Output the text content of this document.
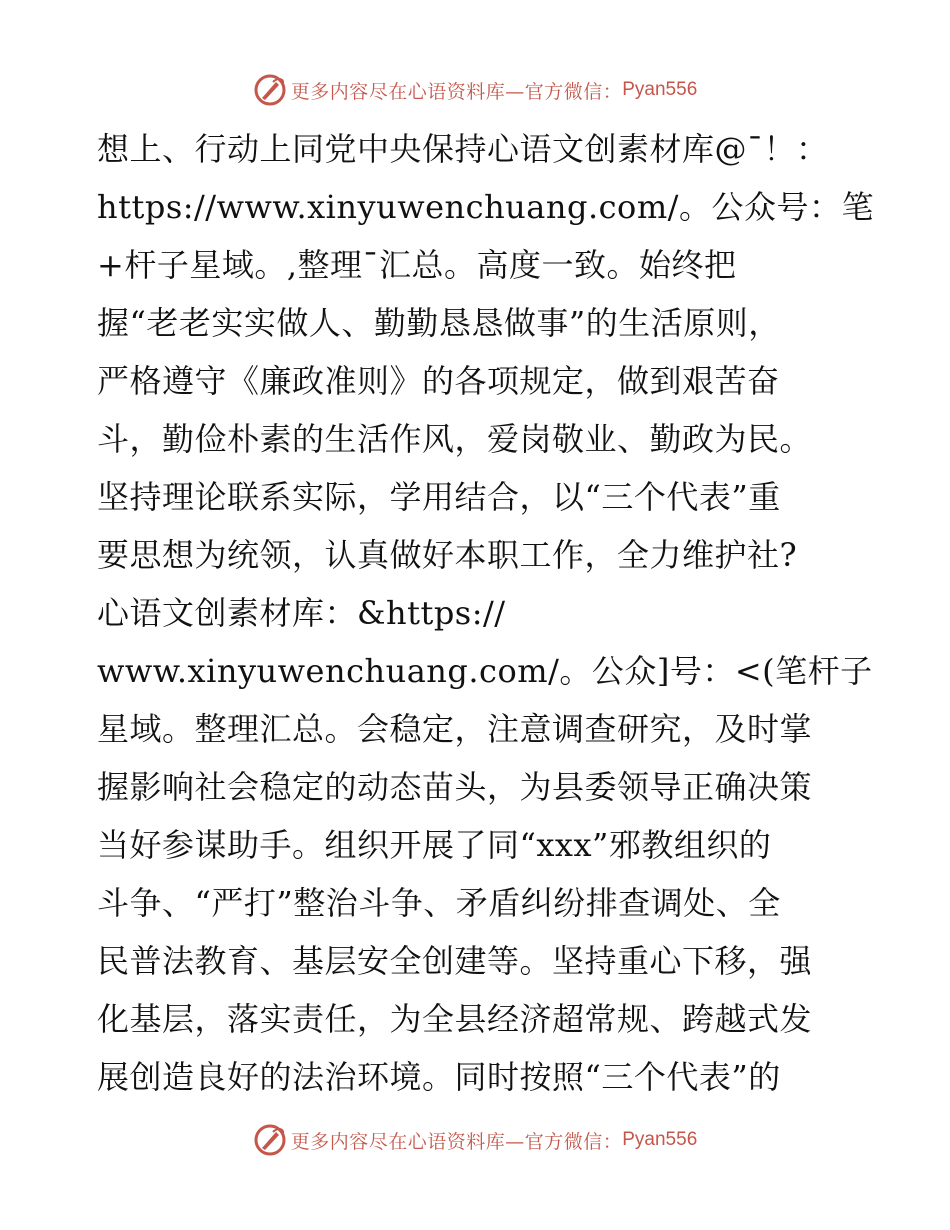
更多内容尽在心语资料库—官方微信： Pyan556
想上、行动上同党中央保持心语文创素材库@¯！：
https://www.xinyuwenchuang.com/。公众号：笔
+杆子星域。,整理¯汇总。高度一致。始终把
握“老老实实做人、勤勤恳恳做事”的生活原则，
严格遵守《廉政准则》的各项规定，做到艰苦奋
斗，勤俭朴素的生活作风，爱岗敬业、勤政为民。
坚持理论联系实际，学用结合，以“三个代表”重
要思想为统领，认真做好本职工作，全力维护社?
心语文创素材库：&https://
www.xinyuwenchuang.com/。公众]号：<(笔杆子
星域。整理汇总。会稳定，注意调查研究，及时掌
握影响社会稳定的动态苗头，为县委领导正确决策
当好参谋助手。组织开展了同“xxx”邪教组织的
斗争、“严打”整治斗争、矛盾纠纷排查调处、全
民普法教育、基层安全创建等。坚持重心下移，强
化基层，落实责任，为全县经济超常规、跨越式发
展创造良好的法治环境。同时按照“三个代表”的
更多内容尽在心语资料库—官方微信： Pyan556
